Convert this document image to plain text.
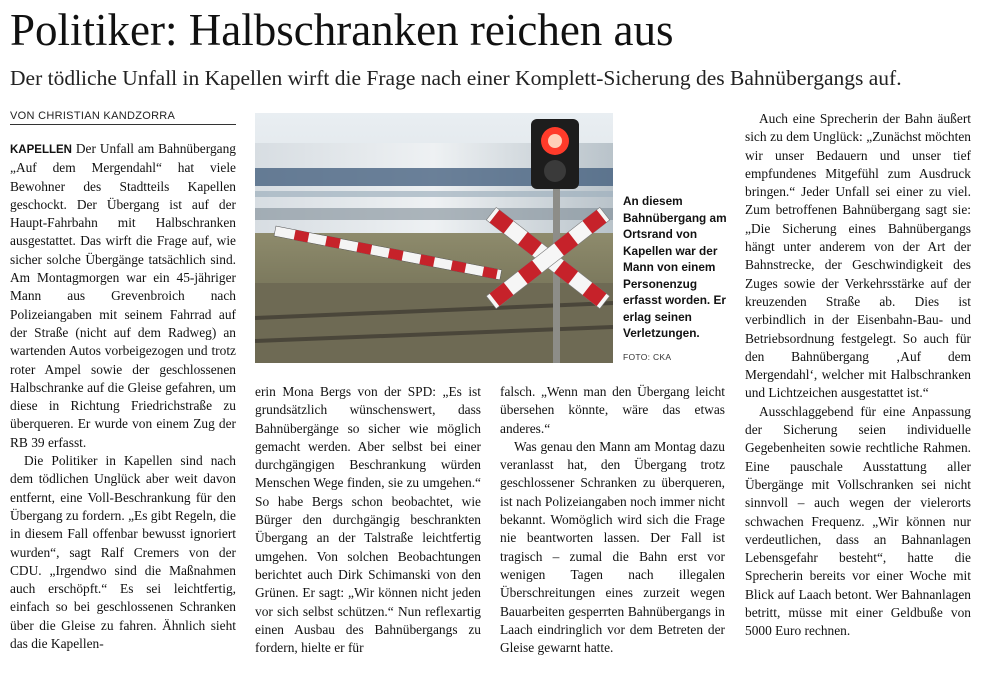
Politiker: Halbschranken reichen aus
Der tödliche Unfall in Kapellen wirft die Frage nach einer Komplett-Sicherung des Bahnübergangs auf.
VON CHRISTIAN KANDZORRA

KAPELLEN Der Unfall am Bahnübergang „Auf dem Mergendahl“ hat viele Bewohner des Stadtteils Kapellen geschockt. Der Übergang ist auf der Haupt-Fahrbahn mit Halbschranken ausgestattet. Das wirft die Frage auf, wie sicher solche Übergänge tatsächlich sind. Am Montagmorgen war ein 45-jähriger Mann aus Grevenbroich nach Polizeiangaben mit seinem Fahrrad auf der Straße (nicht auf dem Radweg) an wartenden Autos vorbeigezogen und trotz roter Ampel sowie der geschlossenen Halbschranke auf die Gleise gefahren, um diese in Richtung Friedrichstraße zu überqueren. Er wurde von einem Zug der RB 39 erfasst.

Die Politiker in Kapellen sind nach dem tödlichen Unglück aber weit davon entfernt, eine Voll-Beschrankung für den Übergang zu fordern. „Es gibt Regeln, die in diesem Fall offenbar bewusst ignoriert wurden“, sagt Ralf Cremers von der CDU. „Irgendwo sind die Maßnahmen auch erschöpft.“ Es sei leichtfertig, einfach so bei geschlossenen Schranken über die Gleise zu fahren. Ähnlich sieht das die Kapellen-

An diesem Bahnübergang am Ortsrand von Kapellen war der Mann von einem Personenzug erfasst worden. Er erlag seinen Verletzungen.
FOTO: CKA

erin Mona Bergs von der SPD: „Es ist grundsätzlich wünschenswert, dass Bahnübergänge so sicher wie möglich gemacht werden. Aber selbst bei einer durchgängigen Beschrankung würden Menschen Wege finden, sie zu umgehen.“ So habe Bergs schon beobachtet, wie Bürger den durchgängig beschrankten Übergang an der Talstraße leichtfertig umgehen. Von solchen Beobachtungen berichtet auch Dirk Schimanski von den Grünen. Er sagt: „Wir können nicht jeden vor sich selbst schützen.“ Nun reflexartig einen Ausbau des Bahnübergangs zu fordern, hielte er für

falsch. „Wenn man den Übergang leicht übersehen könnte, wäre das etwas anderes.“

Was genau den Mann am Montag dazu veranlasst hat, den Übergang trotz geschlossener Schranken zu überqueren, ist nach Polizeiangaben noch immer nicht bekannt. Womöglich wird sich die Frage nie beantworten lassen. Der Fall ist tragisch – zumal die Bahn erst vor wenigen Tagen nach illegalen Überschreitungen eines zurzeit wegen Bauarbeiten gesperrten Bahnübergangs in Laach eindringlich vor dem Betreten der Gleise gewarnt hatte.

Auch eine Sprecherin der Bahn äußert sich zu dem Unglück: „Zunächst möchten wir unser Bedauern und unser tief empfundenes Mitgefühl zum Ausdruck bringen.“ Jeder Unfall sei einer zu viel. Zum betroffenen Bahnübergang sagt sie: „Die Sicherung eines Bahnübergangs hängt unter anderem von der Art der Bahnstrecke, der Geschwindigkeit des Zuges sowie der Verkehrsstärke auf der kreuzenden Straße ab. Dies ist verbindlich in der Eisenbahn-Bau- und Betriebsordnung festgelegt. So auch für den Bahnübergang ‚Auf dem Mergendahl‘, welcher mit Halbschranken und Lichtzeichen ausgestattet ist.“

Ausschlaggebend für eine Anpassung der Sicherung seien individuelle Gegebenheiten sowie rechtliche Rahmen. Eine pauschale Ausstattung aller Übergänge mit Vollschranken sei nicht sinnvoll – auch wegen der vielerorts schwachen Frequenz. „Wir können nur verdeutlichen, dass an Bahnanlagen Lebensgefahr besteht“, hatte die Sprecherin bereits vor einer Woche mit Blick auf Laach betont. Wer Bahnanlagen betritt, müsse mit einer Geldbuße von 5000 Euro rechnen.
